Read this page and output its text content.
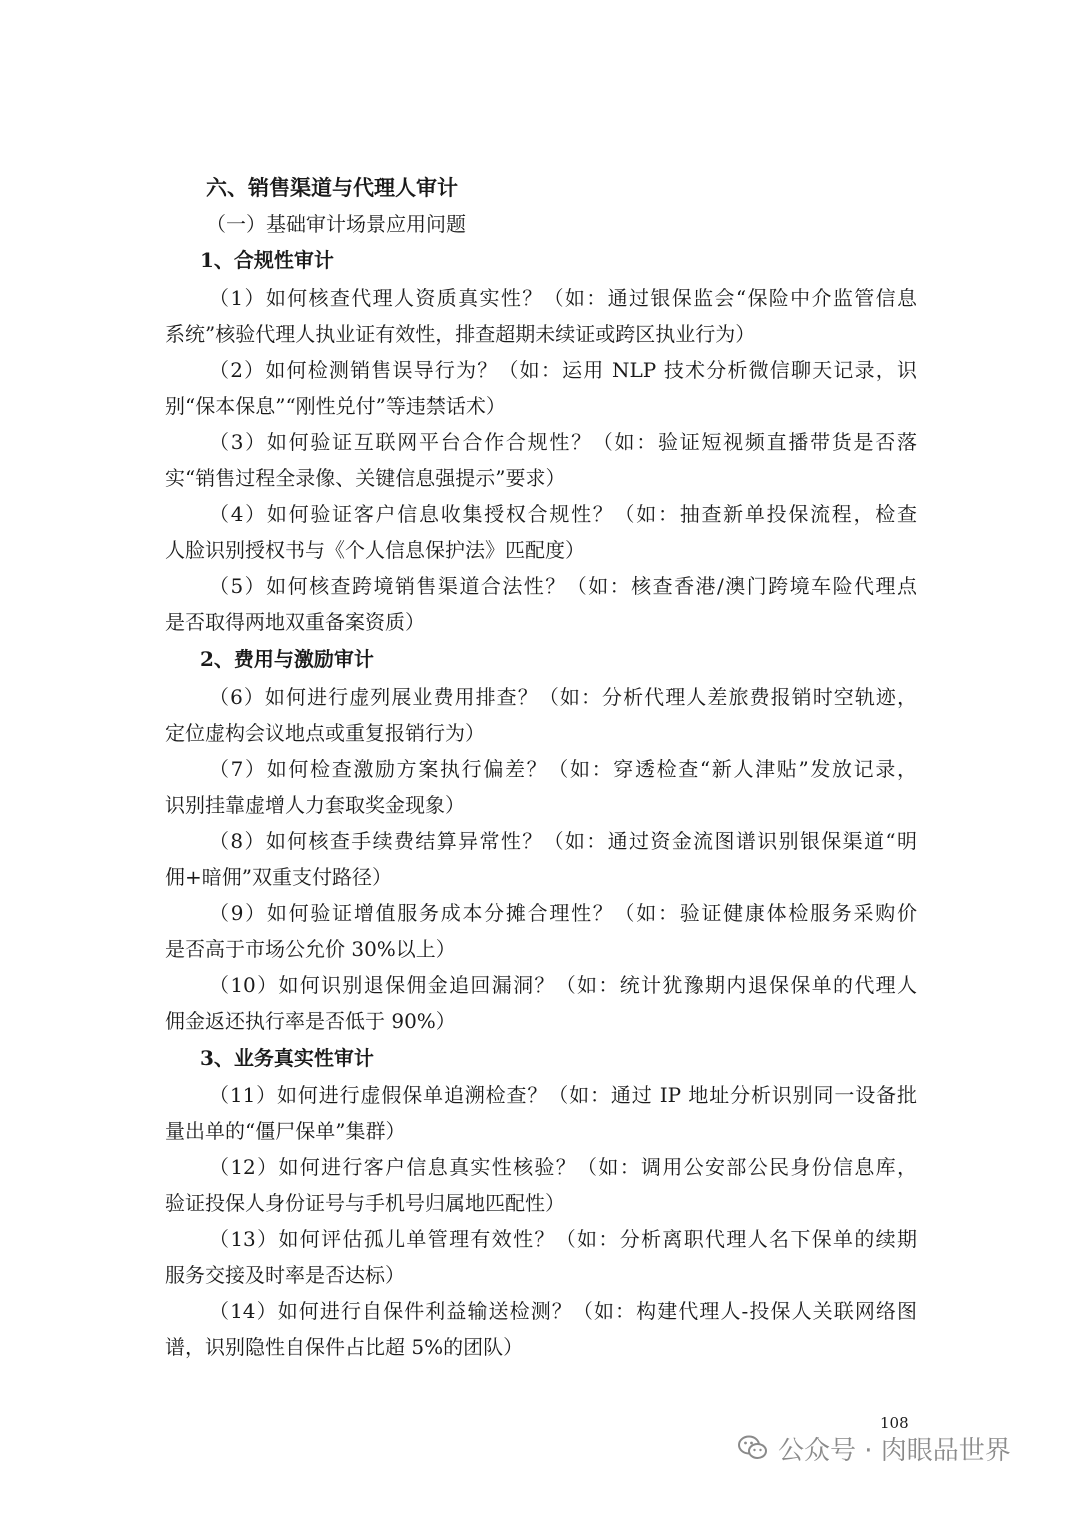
六、销售渠道与代理人审计
（一）基础审计场景应用问题
1、合规性审计
（1）如何核查代理人资质真实性？（如：通过银保监会“保险中介监管信息
系统”核验代理人执业证有效性，排查超期未续证或跨区执业行为）
（2）如何检测销售误导行为？（如：运用 NLP 技术分析微信聊天记录，识
别“保本保息”“刚性兑付”等违禁话术）
（3）如何验证互联网平台合作合规性？（如：验证短视频直播带货是否落
实“销售过程全录像、关键信息强提示”要求）
（4）如何验证客户信息收集授权合规性？（如：抽查新单投保流程，检查
人脸识别授权书与《个人信息保护法》匹配度）
（5）如何核查跨境销售渠道合法性？（如：核查香港/澳门跨境车险代理点
是否取得两地双重备案资质）
2、费用与激励审计
（6）如何进行虚列展业费用排查？（如：分析代理人差旅费报销时空轨迹，
定位虚构会议地点或重复报销行为）
（7）如何检查激励方案执行偏差？（如：穿透检查“新人津贴”发放记录，
识别挂靠虚增人力套取奖金现象）
（8）如何核查手续费结算异常性？（如：通过资金流图谱识别银保渠道“明
佣+暗佣”双重支付路径）
（9）如何验证增值服务成本分摊合理性？（如：验证健康体检服务采购价
是否高于市场公允价 30%以上）
（10）如何识别退保佣金追回漏洞？（如：统计犹豫期内退保保单的代理人
佣金返还执行率是否低于 90%）
3、业务真实性审计
（11）如何进行虚假保单追溯检查？（如：通过 IP 地址分析识别同一设备批
量出单的“僵尸保单”集群）
（12）如何进行客户信息真实性核验？（如：调用公安部公民身份信息库，
验证投保人身份证号与手机号归属地匹配性）
（13）如何评估孤儿单管理有效性？（如：分析离职代理人名下保单的续期
服务交接及时率是否达标）
（14）如何进行自保件利益输送检测？（如：构建代理人-投保人关联网络图
谱，识别隐性自保件占比超 5%的团队）
108
公众号 · 肉眼品世界
